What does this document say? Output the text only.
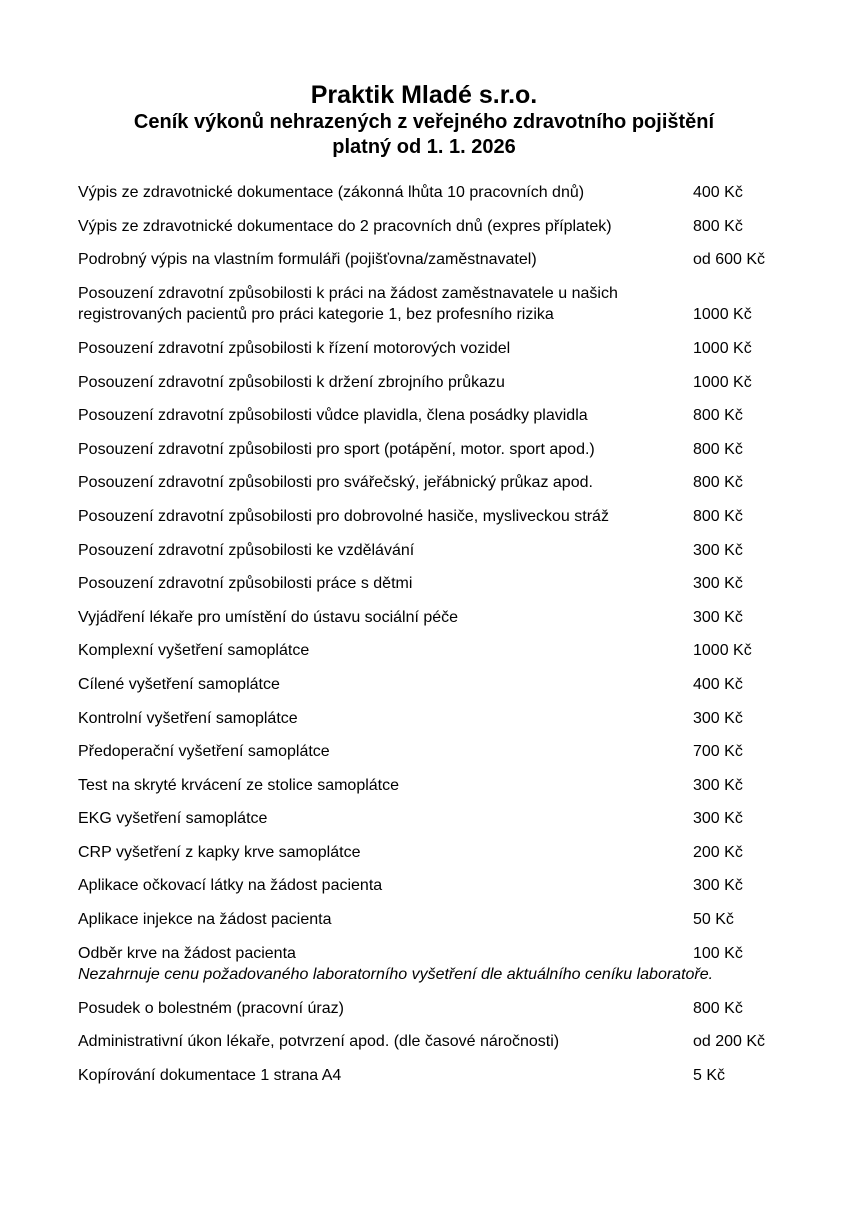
Praktik Mladé s.r.o.
Ceník výkonů nehrazených z veřejného zdravotního pojištění
platný od 1. 1. 2026
Výpis ze zdravotnické dokumentace (zákonná lhůta 10 pracovních dnů)	400 Kč
Výpis ze zdravotnické dokumentace do 2 pracovních dnů (expres příplatek)	800 Kč
Podrobný výpis na vlastním formuláři (pojišťovna/zaměstnavatel)	od 600 Kč
Posouzení zdravotní způsobilosti k práci na žádost zaměstnavatele u našich registrovaných pacientů pro práci kategorie 1, bez profesního rizika	1000 Kč
Posouzení zdravotní způsobilosti k řízení motorových vozidel	1000 Kč
Posouzení zdravotní způsobilosti k držení zbrojního průkazu	1000 Kč
Posouzení zdravotní způsobilosti vůdce plavidla, člena posádky plavidla	800 Kč
Posouzení zdravotní způsobilosti pro sport (potápění, motor. sport apod.)	800 Kč
Posouzení zdravotní způsobilosti pro svářečský, jeřábnický průkaz apod.	800 Kč
Posouzení zdravotní způsobilosti pro dobrovolné hasiče, mysliveckou stráž	800 Kč
Posouzení zdravotní způsobilosti ke vzdělávání	300 Kč
Posouzení zdravotní způsobilosti práce s dětmi	300 Kč
Vyjádření lékaře pro umístění do ústavu sociální péče	300 Kč
Komplexní vyšetření samoplátce	1000 Kč
Cílené vyšetření samoplátce	400 Kč
Kontrolní vyšetření samoplátce	300 Kč
Předoperační vyšetření samoplátce	700 Kč
Test na skryté krvácení ze stolice samoplátce	300 Kč
EKG vyšetření samoplátce	300 Kč
CRP vyšetření z kapky krve samoplátce	200 Kč
Aplikace očkovací látky na žádost pacienta	300 Kč
Aplikace injekce na žádost pacienta	50 Kč
Odběr krve na žádost pacienta	100 Kč
Nezahrnuje cenu požadovaného laboratorního vyšetření dle aktuálního ceníku laboratoře.
Posudek o bolestném (pracovní úraz)	800 Kč
Administrativní úkon lékaře, potvrzení apod. (dle časové náročnosti)	od 200 Kč
Kopírování dokumentace 1 strana A4	5 Kč
